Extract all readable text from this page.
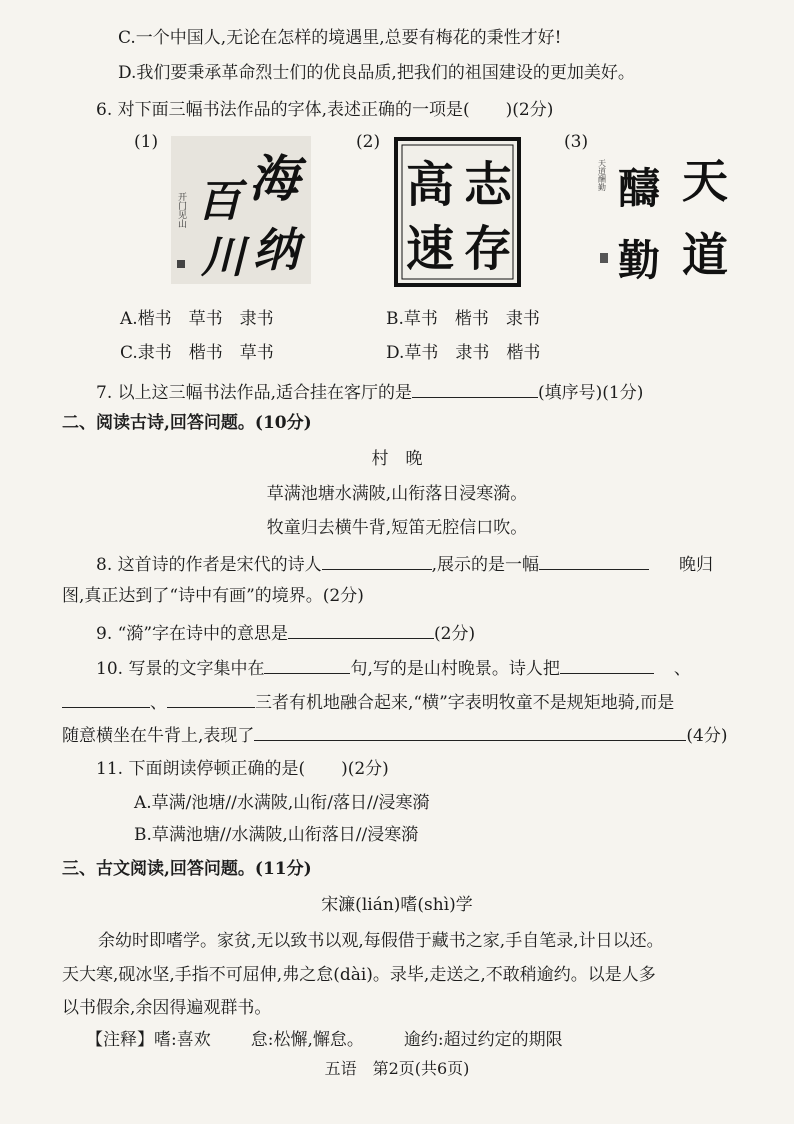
C.一个中国人,无论在怎样的境遇里,总要有梅花的秉性才好!
D.我们要秉承革命烈士们的优良品质,把我们的祖国建设的更加美好。
6. 对下面三幅书法作品的字体,表述正确的一项是( )(2分)
(1)	(2)	(3)
海
百
纳
川
开门见山	志
高
存
速
天道酬勤 天
醻
道
勤
A.楷书　草书　隶书	B.草书　楷书　隶书
C.隶书　楷书　草书	D.草书　隶书　楷书
7. 以上这三幅书法作品,适合挂在客厅的是	(填序号)(1分)
二、阅读古诗,回答问题。(10分)
村　晚
草满池塘水满陂,山衔落日浸寒漪。
牧童归去横牛背,短笛无腔信口吹。
8. 这首诗的作者是宋代的诗人	,展示的是一幅	晚归
图,真正达到了“诗中有画”的境界。(2分)
9. “漪”字在诗中的意思是	(2分)
10. 写景的文字集中在	句,写的是山村晚景。诗人把	、
、	三者有机地融合起来,“横”字表明牧童不是规矩地骑,而是
随意横坐在牛背上,表现了	(4分)
11. 下面朗读停顿正确的是( )(2分)
A.草满/池塘//水满陂,山衔/落日//浸寒漪
B.草满池塘//水满陂,山衔落日//浸寒漪
三、古文阅读,回答问题。(11分)
宋濂(lián)嗜(shì)学
余幼时即嗜学。家贫,无以致书以观,每假借于藏书之家,手自笔录,计日以还。
天大寒,砚冰坚,手指不可屈伸,弗之怠(dài)。录毕,走送之,不敢稍逾约。以是人多
以书假余,余因得遍观群书。
【注释】嗜:喜欢 怠:松懈,懈怠。 逾约:超过约定的期限
五语　第2页(共6页)
